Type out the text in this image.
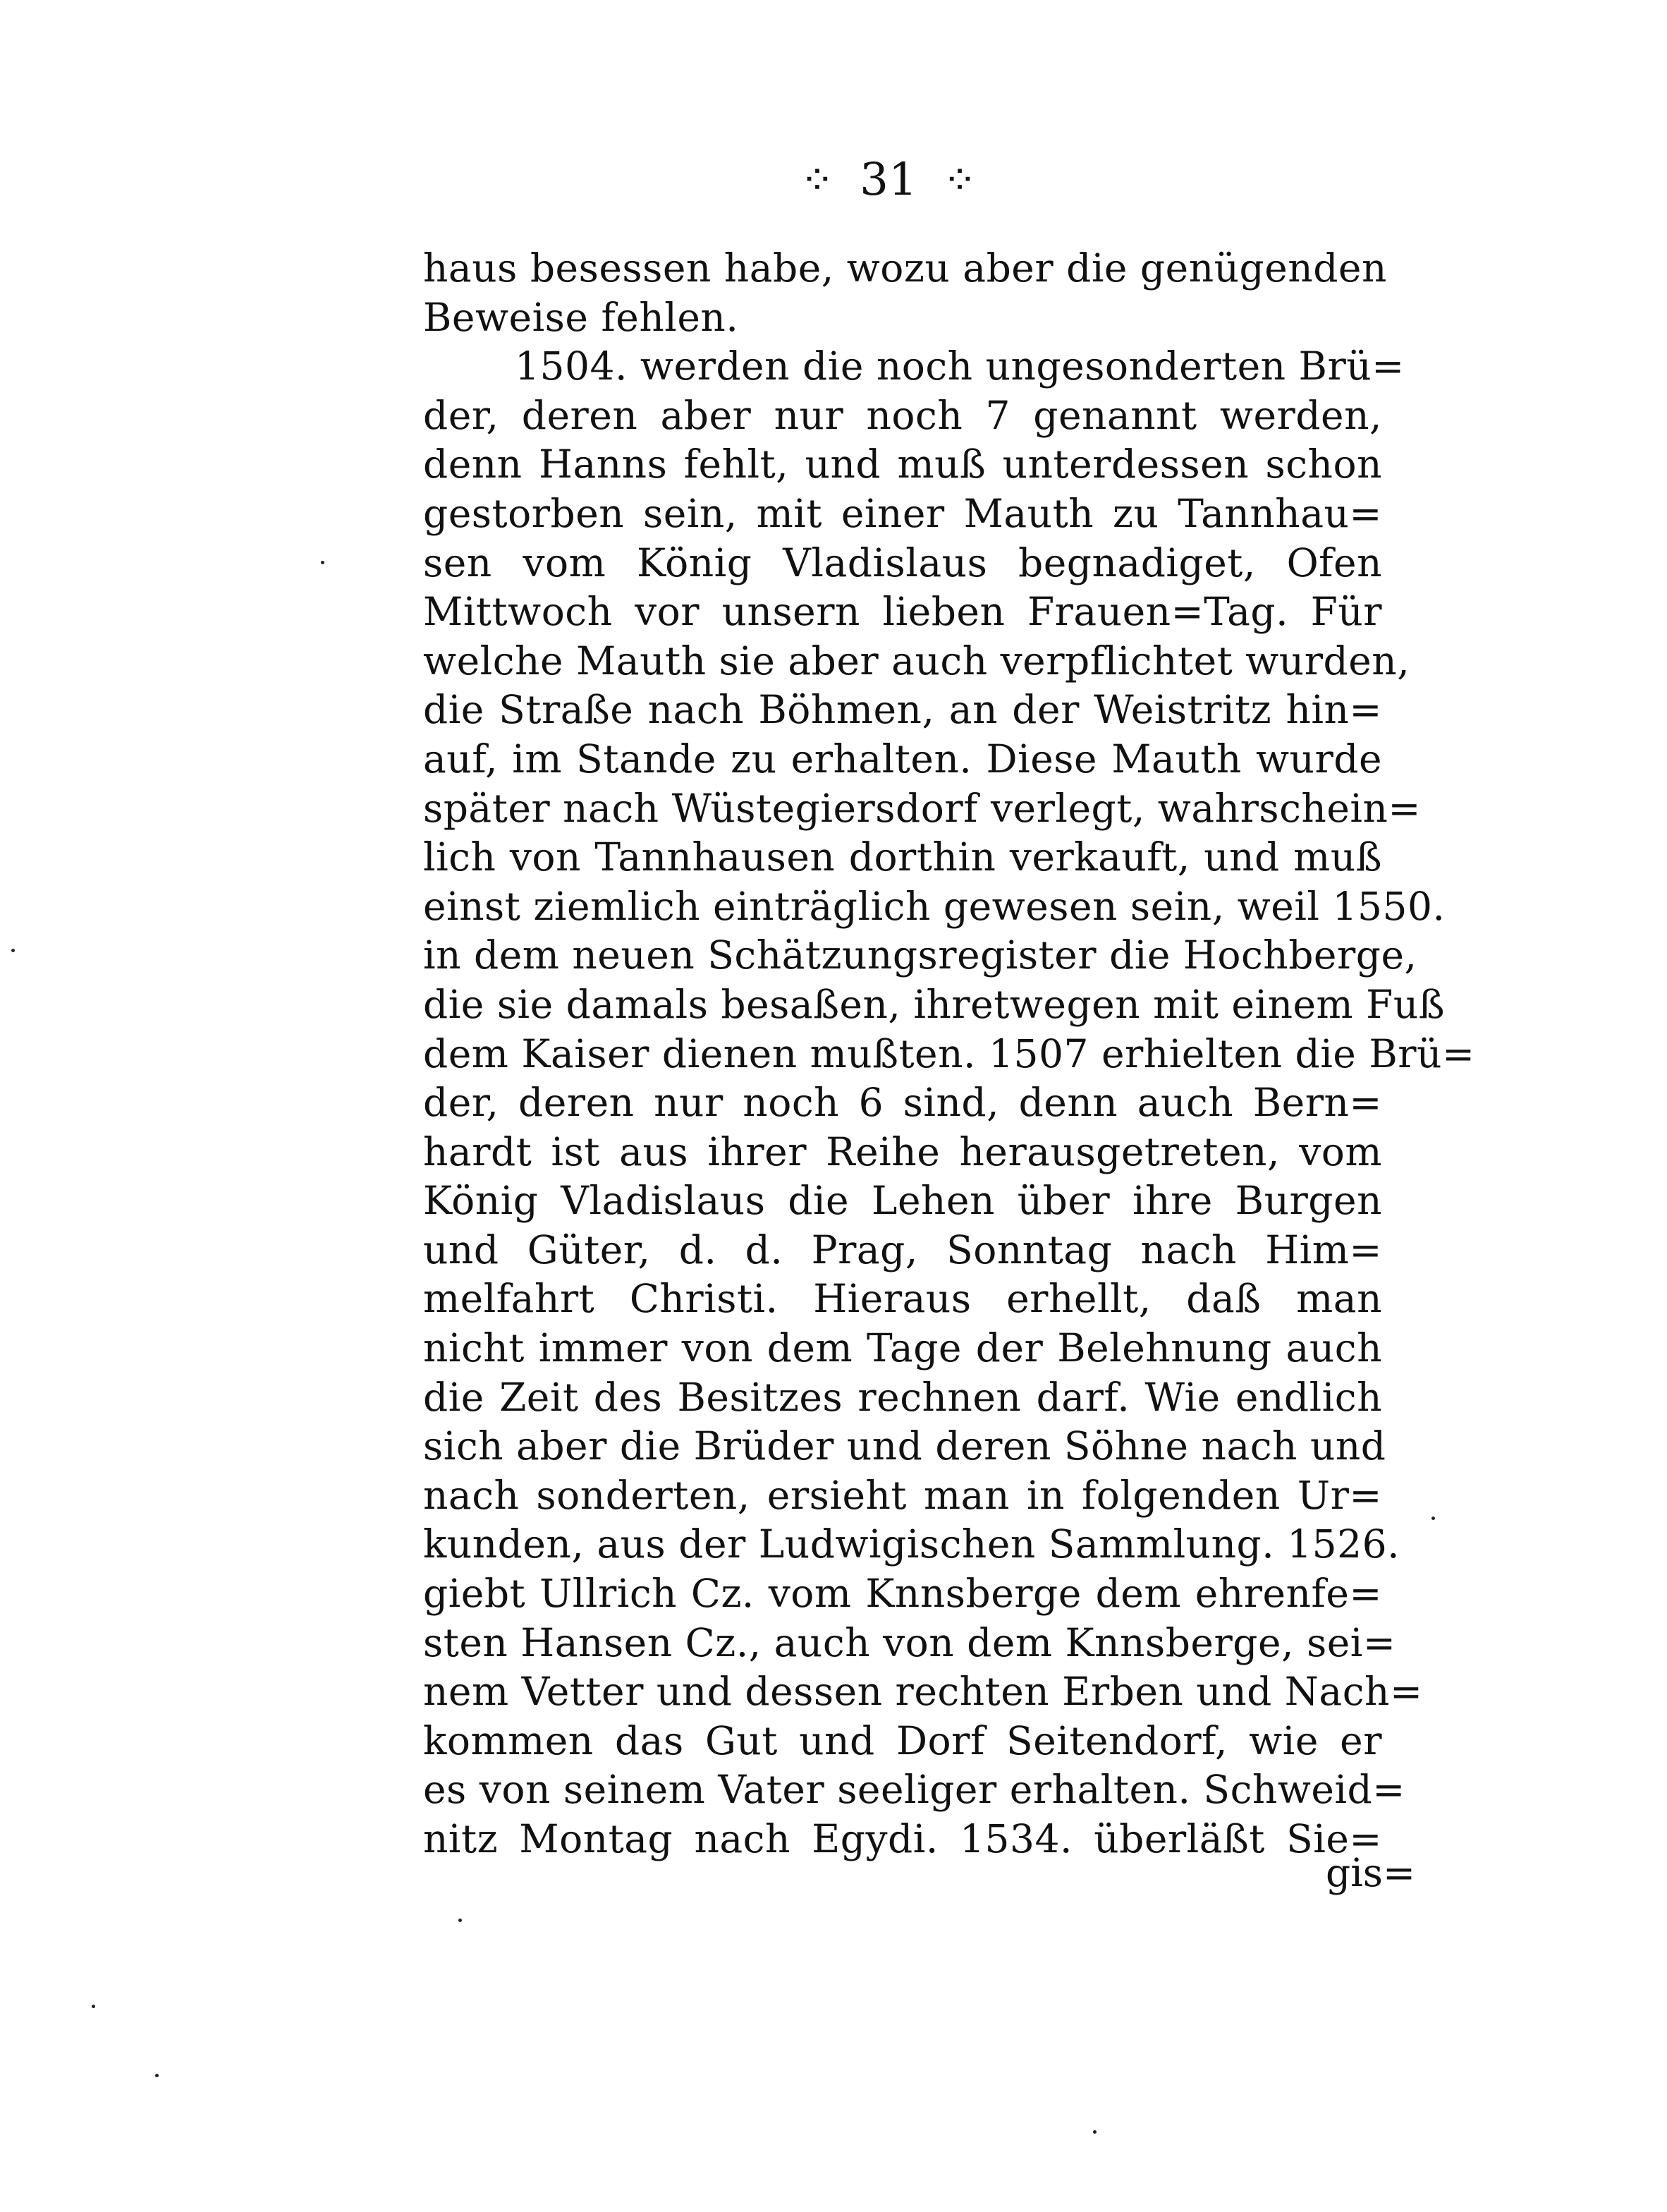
⁘ 31 ⁘
haus besessen habe, wozu aber die genügenden
Beweise fehlen.
1504. werden die noch ungesonderten Brü=
der, deren aber nur noch 7 genannt werden,
denn Hanns fehlt, und muß unterdessen schon
gestorben sein, mit einer Mauth zu Tannhau=
sen vom König Vladislaus begnadiget, Ofen
Mittwoch vor unsern lieben Frauen=Tag. Für
welche Mauth sie aber auch verpflichtet wurden,
die Straße nach Böhmen, an der Weistritz hin=
auf, im Stande zu erhalten. Diese Mauth wurde
später nach Wüstegiersdorf verlegt, wahrschein=
lich von Tannhausen dorthin verkauft, und muß
einst ziemlich einträglich gewesen sein, weil 1550.
in dem neuen Schätzungsregister die Hochberge,
die sie damals besaßen, ihretwegen mit einem Fuß
dem Kaiser dienen mußten. 1507 erhielten die Brü=
der, deren nur noch 6 sind, denn auch Bern=
hardt ist aus ihrer Reihe herausgetreten, vom
König Vladislaus die Lehen über ihre Burgen
und Güter, d. d. Prag, Sonntag nach Him=
melfahrt Christi. Hieraus erhellt, daß man
nicht immer von dem Tage der Belehnung auch
die Zeit des Besitzes rechnen darf. Wie endlich
sich aber die Brüder und deren Söhne nach und
nach sonderten, ersieht man in folgenden Ur=
kunden, aus der Ludwigischen Sammlung. 1526.
giebt Ullrich Cz. vom Knnsberge dem ehrenfe=
sten Hansen Cz., auch von dem Knnsberge, sei=
nem Vetter und dessen rechten Erben und Nach=
kommen das Gut und Dorf Seitendorf, wie er
es von seinem Vater seeliger erhalten. Schweid=
nitz Montag nach Egydi. 1534. überläßt Sie=
gis=
